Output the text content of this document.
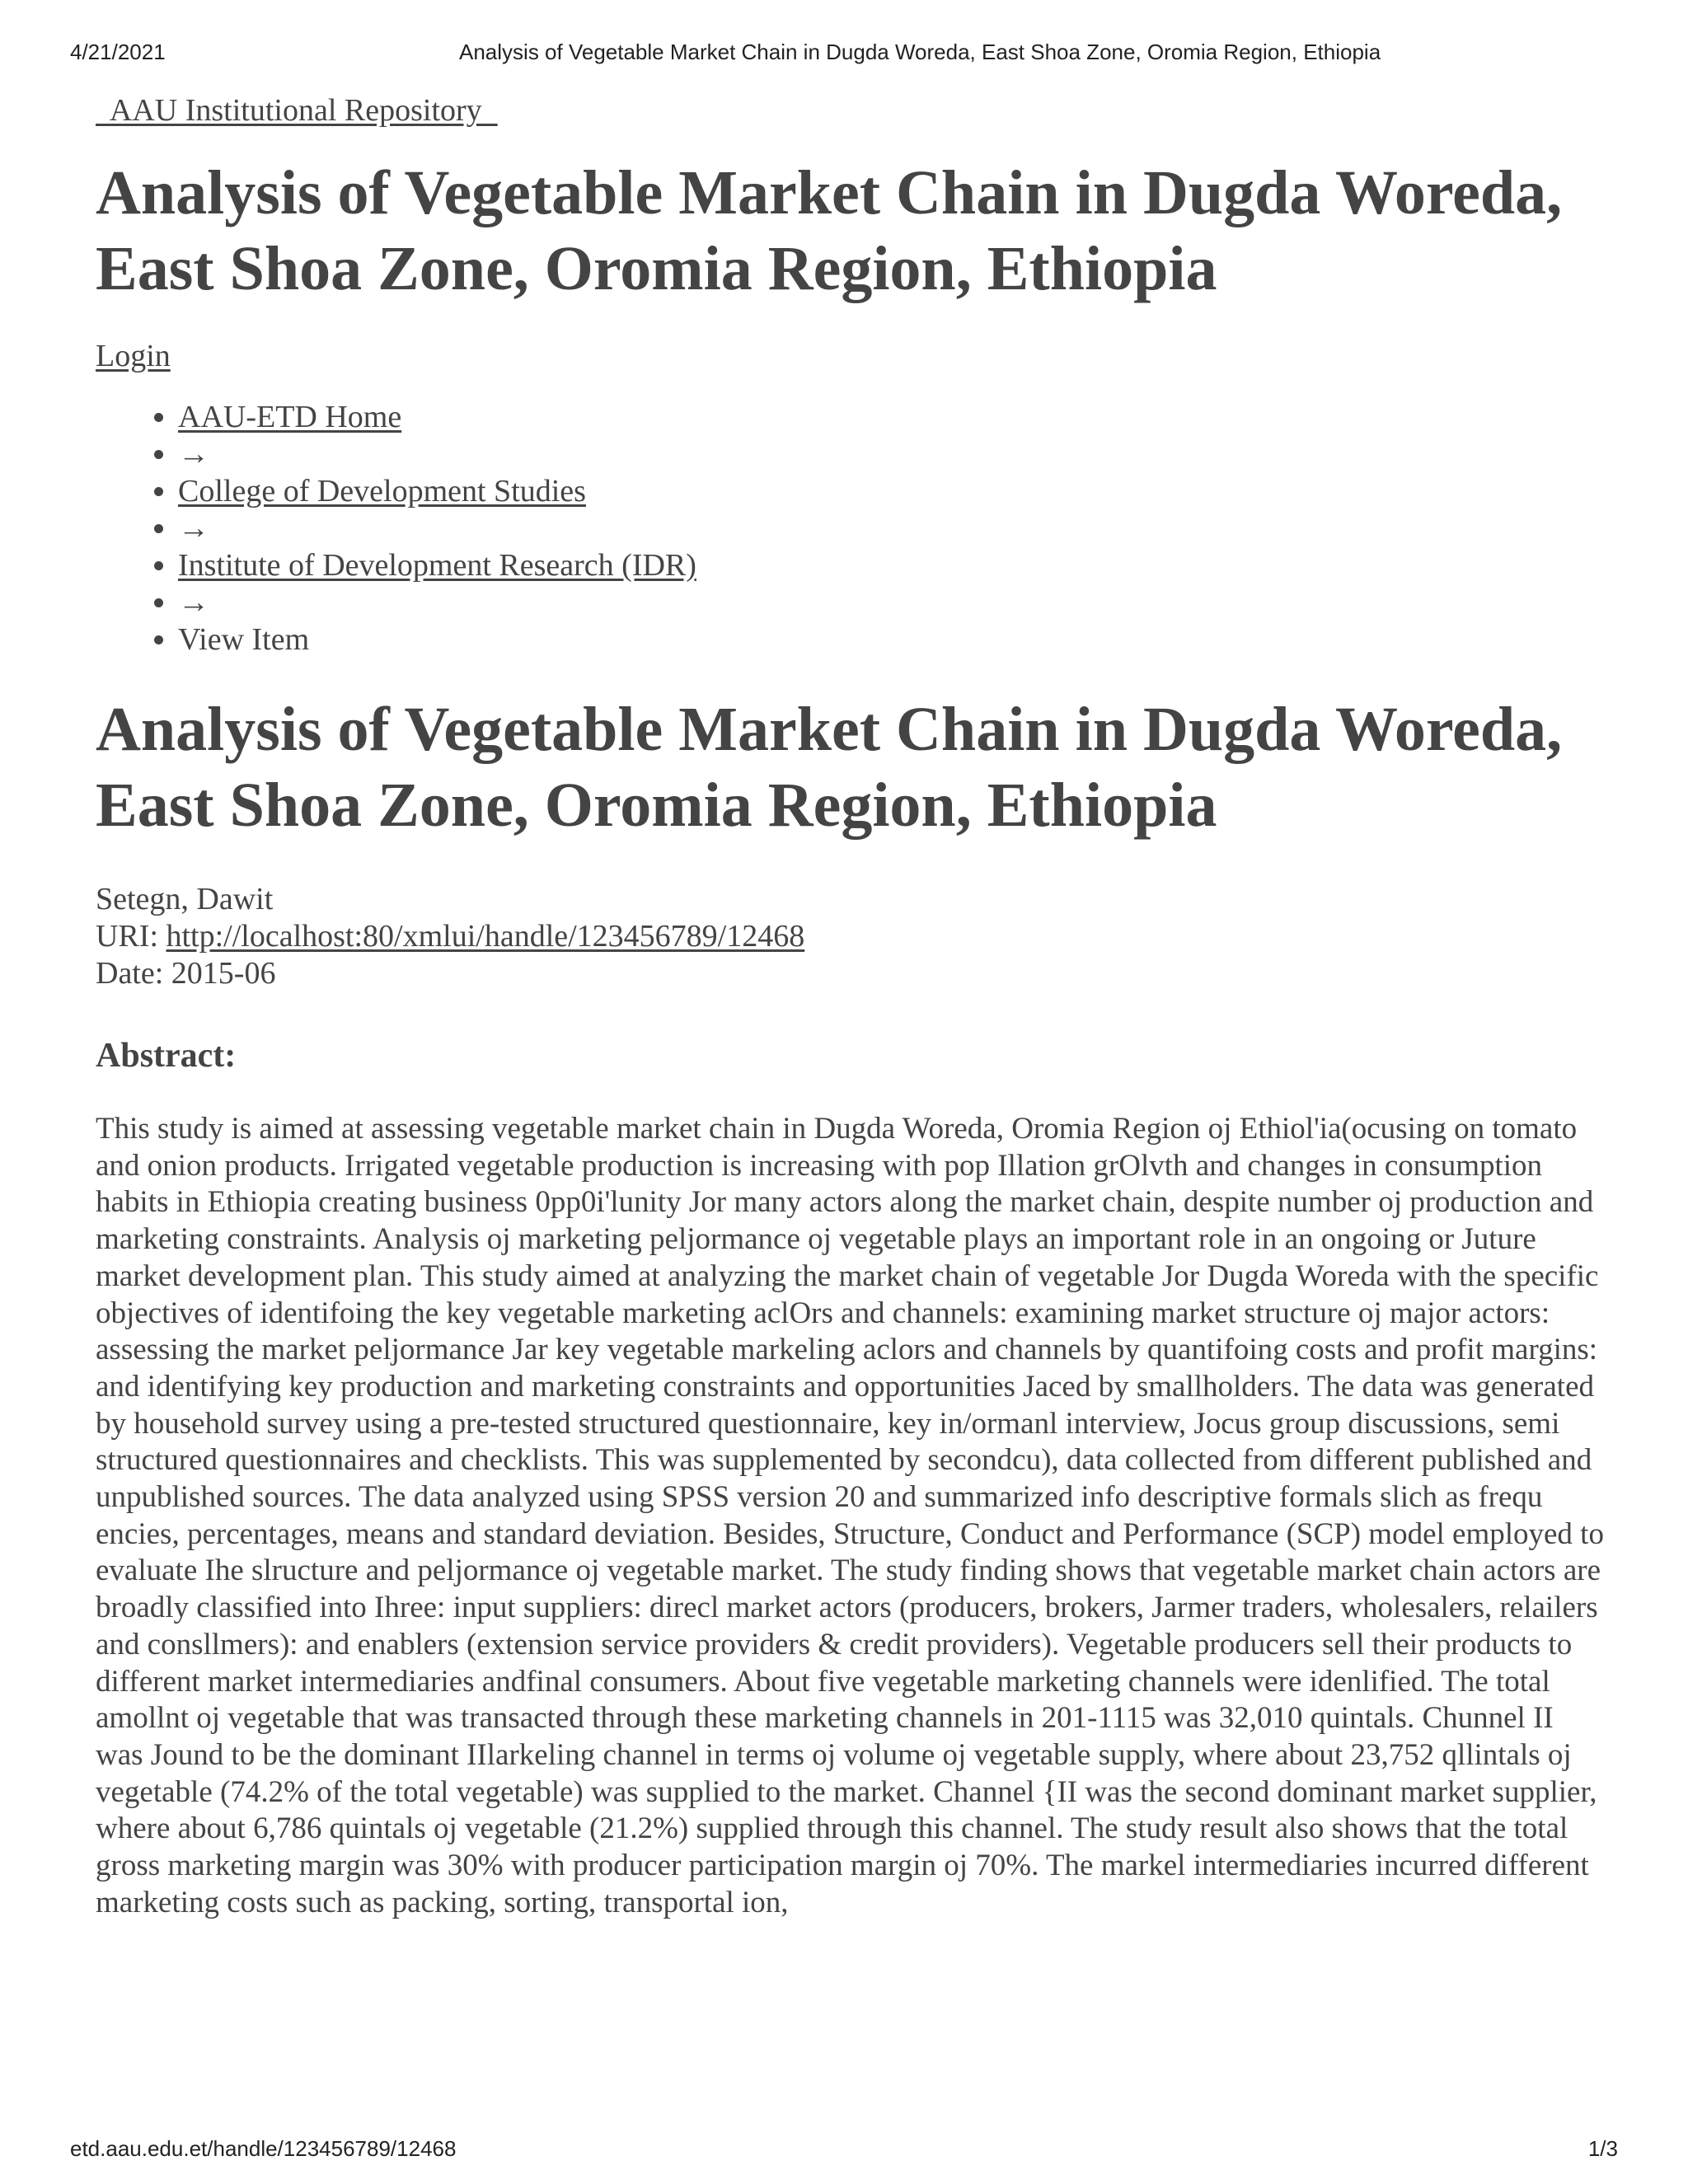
4/21/2021	Analysis of Vegetable Market Chain in Dugda Woreda, East Shoa Zone, Oromia Region, Ethiopia
AAU Institutional Repository
Analysis of Vegetable Market Chain in Dugda Woreda, East Shoa Zone, Oromia Region, Ethiopia
Login
• AAU-ETD Home
• →
• College of Development Studies
• →
• Institute of Development Research (IDR)
• →
• View Item
Analysis of Vegetable Market Chain in Dugda Woreda, East Shoa Zone, Oromia Region, Ethiopia
Setegn, Dawit
URI: http://localhost:80/xmlui/handle/123456789/12468
Date: 2015-06
Abstract:

This study is aimed at assessing vegetable market chain in Dugda Woreda, Oromia Region oj Ethiol'ia(ocusing on tomato and onion products. Irrigated vegetable production is increasing with pop Illation grOlvth and changes in consumption habits in Ethiopia creating business 0pp0i'lunity Jor many actors along the market chain, despite number oj production and marketing constraints. Analysis oj marketing peljormance oj vegetable plays an important role in an ongoing or Juture market development plan. This study aimed at analyzing the market chain of vegetable Jor Dugda Woreda with the specific objectives of identifoing the key vegetable marketing aclOrs and channels: examining market structure oj major actors: assessing the market peljormance Jar key vegetable markeling aclors and channels by quantifoing costs and profit margins: and identifying key production and marketing constraints and opportunities Jaced by smallholders. The data was generated by household survey using a pre-tested structured questionnaire, key in/ormanl interview, Jocus group discussions, semi structured questionnaires and checklists. This was supplemented by secondcu), data collected from different published and unpublished sources. The data analyzed using SPSS version 20 and summarized info descriptive formals slich as frequ encies, percentages, means and standard deviation. Besides, Structure, Conduct and Performance (SCP) model employed to evaluate Ihe slructure and peljormance oj vegetable market. The study finding shows that vegetable market chain actors are broadly classified into Ihree: input suppliers: direcl market actors (producers, brokers, Jarmer traders, wholesalers, relailers and consllmers): and enablers (extension service providers & credit providers). Vegetable producers sell their products to different market intermediaries andfinal consumers. About five vegetable marketing channels were idenlified. The total amollnt oj vegetable that was transacted through these marketing channels in 201-1115 was 32,010 quintals. Chunnel II was Jound to be the dominant IIlarkeling channel in terms oj volume oj vegetable supply, where about 23,752 qllintals oj vegetable (74.2% of the total vegetable) was supplied to the market. Channel {II was the second dominant market supplier, where about 6,786 quintals oj vegetable (21.2%) supplied through this channel. The study result also shows that the total gross marketing margin was 30% with producer participation margin oj 70%. The markel intermediaries incurred different marketing costs such as packing, sorting, transportal ion,

etd.aau.edu.et/handle/123456789/12468	1/3
